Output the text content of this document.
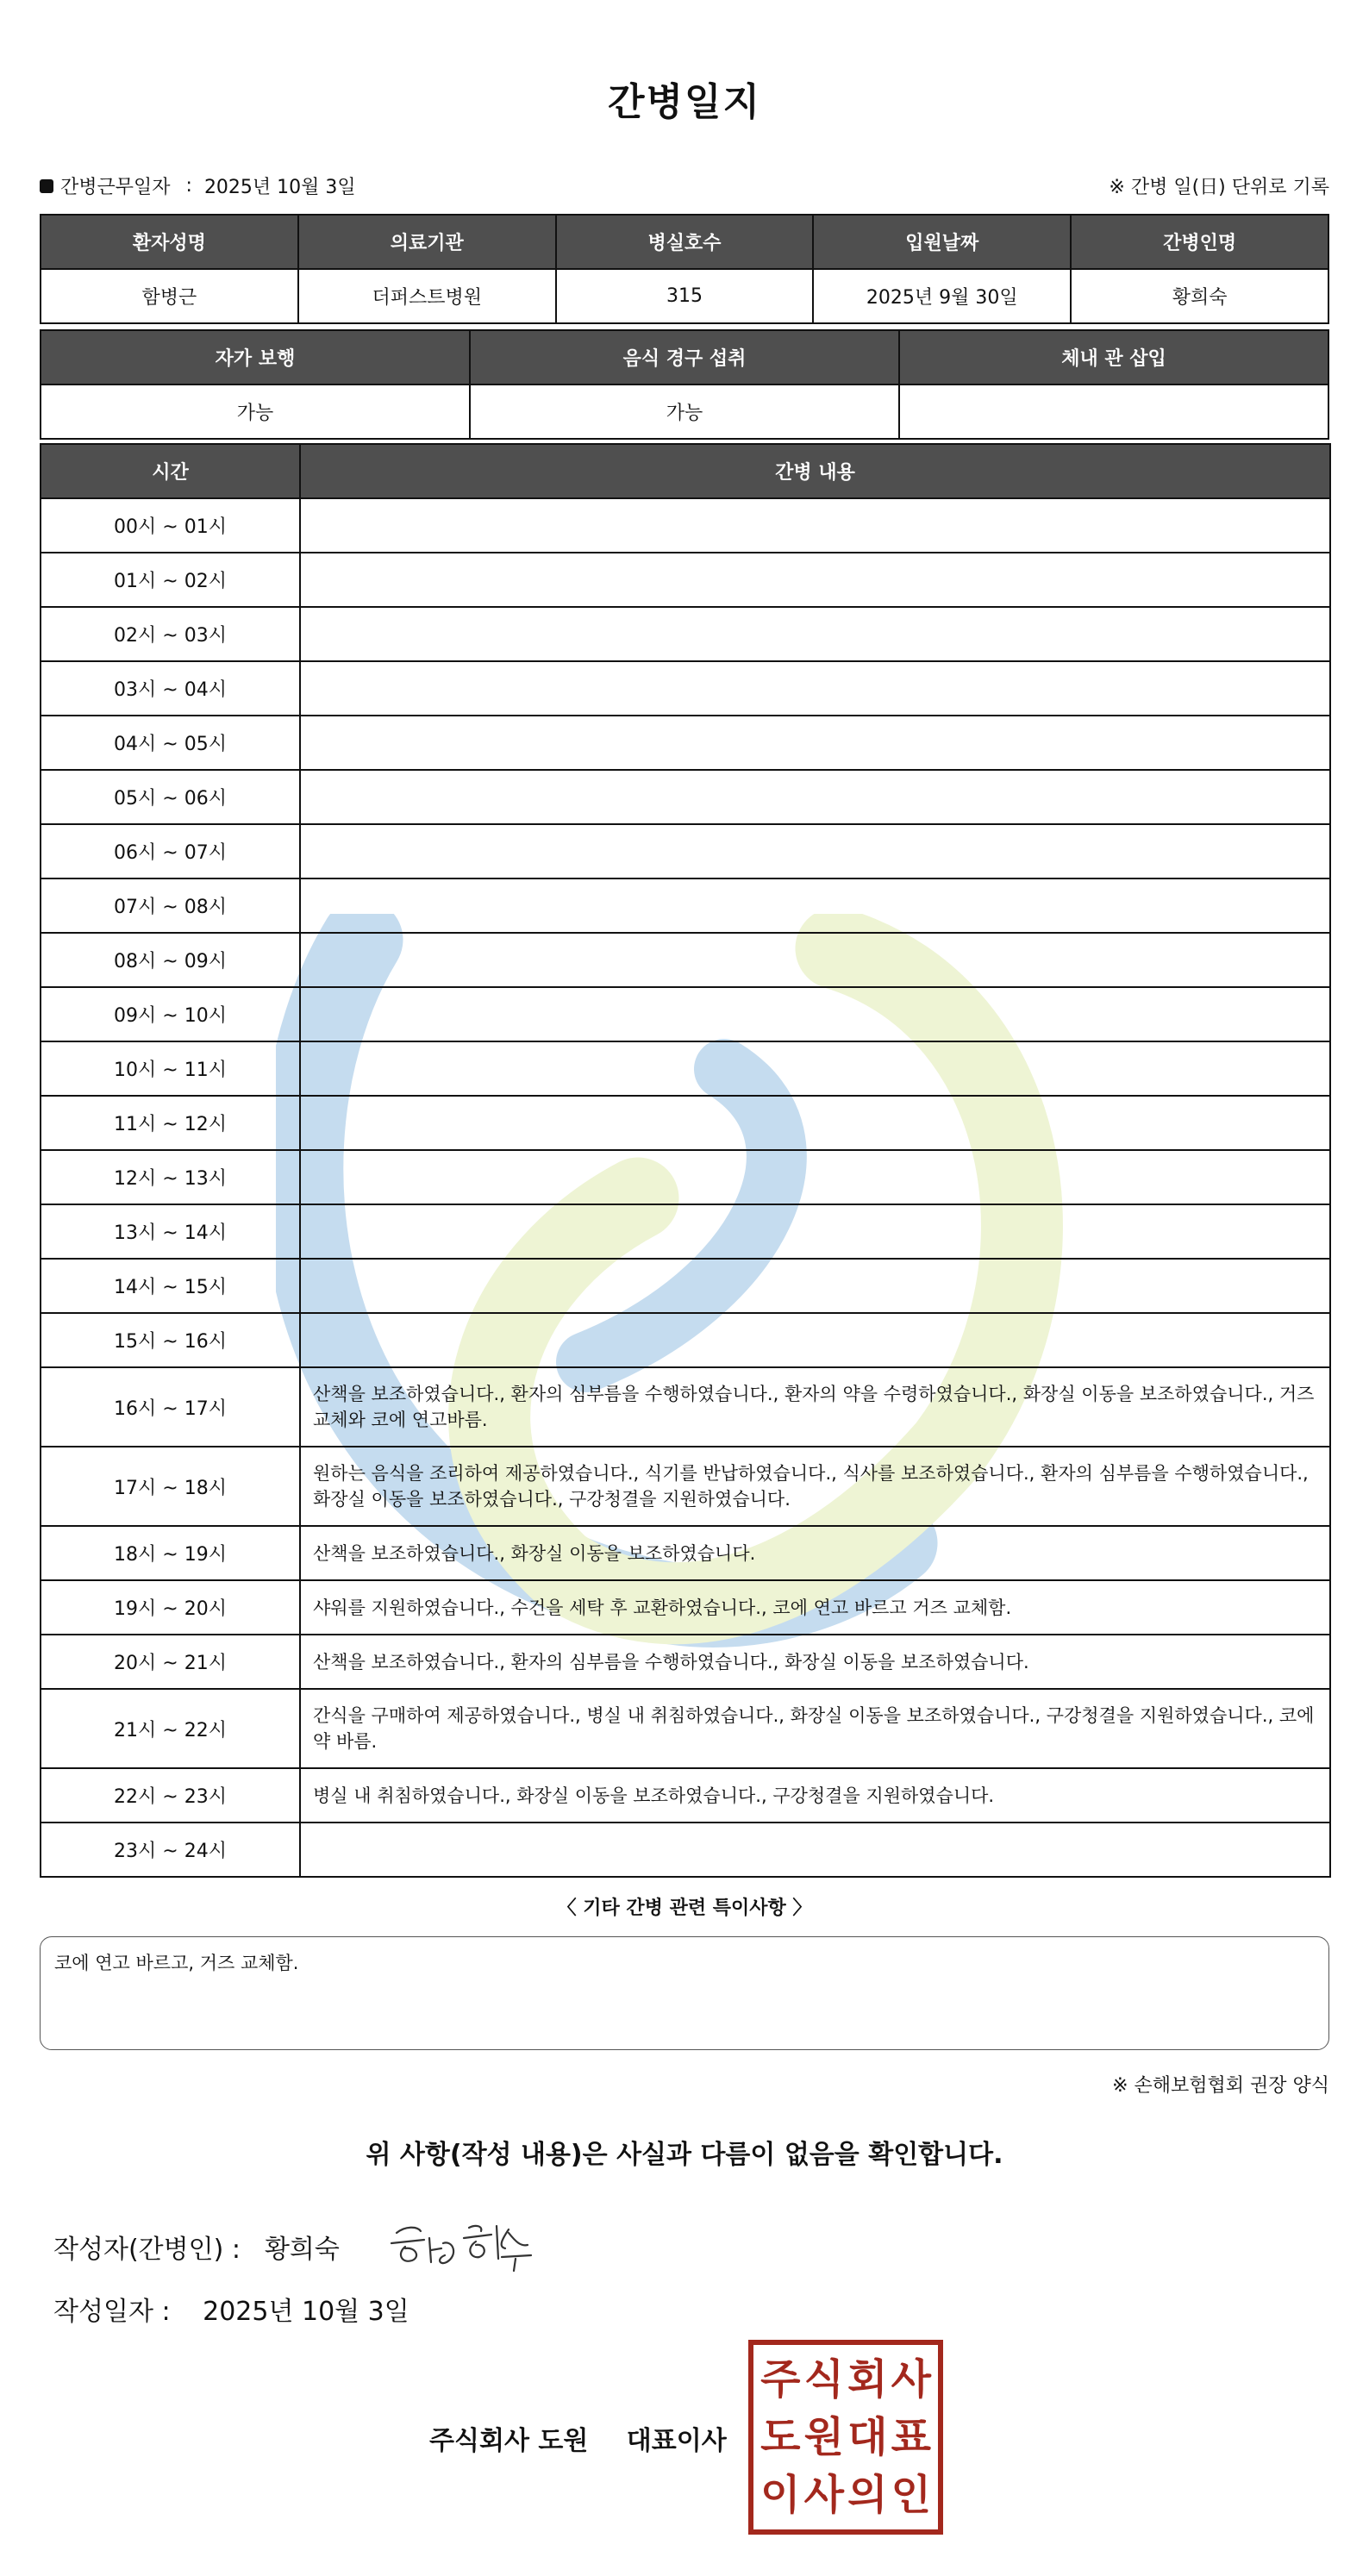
간병일지
간병근무일자 : 2025년 10월 3일	※ 간병 일(日) 단위로 기록
환자성명	의료기관	병실호수	입원날짜	간병인명
함병근	더퍼스트병원	315	2025년 9월 30일	황희숙
자가 보행	음식 경구 섭취	체내 관 삽입
가능	가능	
시간	간병 내용
00시 ~ 01시	
01시 ~ 02시	
02시 ~ 03시	
03시 ~ 04시	
04시 ~ 05시	
05시 ~ 06시	
06시 ~ 07시	
07시 ~ 08시	
08시 ~ 09시	
09시 ~ 10시	
10시 ~ 11시	
11시 ~ 12시	
12시 ~ 13시	
13시 ~ 14시	
14시 ~ 15시	
15시 ~ 16시	
16시 ~ 17시	산책을 보조하였습니다., 환자의 심부름을 수행하였습니다., 환자의 약을 수령하였습니다., 화장실 이동을 보조하였습니다., 거즈 교체와 코에 연고바름.
17시 ~ 18시	원하는 음식을 조리하여 제공하였습니다., 식기를 반납하였습니다., 식사를 보조하였습니다., 환자의 심부름을 수행하였습니다., 화장실 이동을 보조하였습니다., 구강청결을 지원하였습니다.
18시 ~ 19시	산책을 보조하였습니다., 화장실 이동을 보조하였습니다.
19시 ~ 20시	샤워를 지원하였습니다., 수건을 세탁 후 교환하였습니다., 코에 연고 바르고 거즈 교체함.
20시 ~ 21시	산책을 보조하였습니다., 환자의 심부름을 수행하였습니다., 화장실 이동을 보조하였습니다.
21시 ~ 22시	간식을 구매하여 제공하였습니다., 병실 내 취침하였습니다., 화장실 이동을 보조하였습니다., 구강청결을 지원하였습니다., 코에 약 바름.
22시 ~ 23시	병실 내 취침하였습니다., 화장실 이동을 보조하였습니다., 구강청결을 지원하였습니다.
23시 ~ 24시	
〈 기타 간병 관련 특이사항 〉
코에 연고 바르고, 거즈 교체함.
※ 손해보험협회 권장 양식
위 사항(작성 내용)은 사실과 다름이 없음을 확인합니다.
작성자(간병인) : 황희숙
작성일자 : 2025년 10월 3일
주식회사 도원 대표이사
주 식 회 사
도 원 대 표
이 사 의 인
